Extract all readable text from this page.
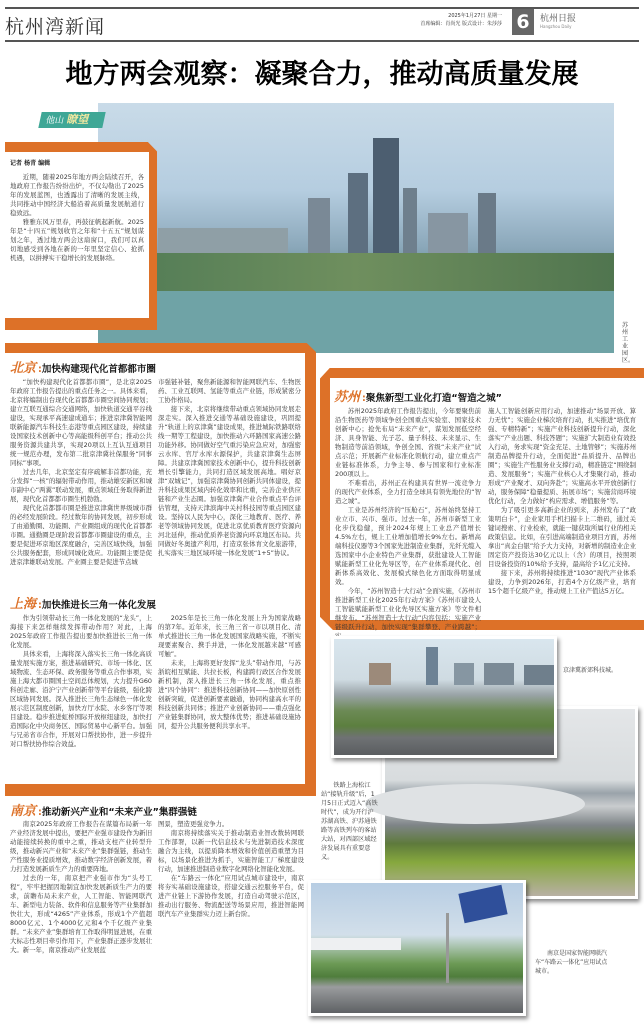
杭州湾新闻	2025年1月27日 星期一
首席编辑：肖尚光 版式设计：朱莎莎 6	杭州日报
Hangzhou Daily
地方两会观察：凝聚合力，推动高质量发展
苏州工业园区。
他山瞭望
记者 杨青 编辑

近期，随着2025年地方两会陆续召开，各地政府工作报告纷纷出炉，不仅勾勒出了2025年的发展蓝图，也透露出了清晰的发展主线，共同推动中国经济大船沿着高质量发展航道行稳致远。

雅雅东风万里春，再鼓征帆起新航。2025年是“十四五”规划收官之年和“十五五”规划谋划之年，透过地方两会这扇窗口，我们可以真切地感受到各地在新的一年里坚定信心、抢抓机遇，以拼搏实干稳增长的发展脉络。

北京 :加快构建现代化首都都市圈

“加快构建现代化首都都市圈”，是北京2025年政府工作报告提出的重点任务之一。具体来看，北京将编制出台现代化首都都市圈空间协同规划；建立互联互通综合交通网络，加快轨道交通平谷线建设，实现承平高速建成通车；推进京津冀智能网联新能源汽车科技生态港等重点园区建设，持续建设国家技术创新中心等高能级科创平台；推动公共服务资源共建共享，实现20项以上互认互通项目统一规范办理，发布第二批京津冀社保服务“同事同标”事项。

过去几年，北京坚定有序疏解非首都功能，充分发挥“一核”的辐射带动作用，推动雄安新区和城市副中心“两翼”联动发展，重点领域任务取得新进展，现代化首都都市圈生机勃勃。

现代化首都都市圈是推进京津冀世界级城市群的必经发展阶段。经过数年的协同发展，初步形成了由通勤圈、功能圈、产业圈组成的现代化首都都市圈。通勤圈是现阶段首都都市圈建设的重点，主要是促进环京地区深度融合，完善区域快线，加强公共服务配套，形成同城化效应。功能圈主要是促进京津雄联动发展。产业圈主要是促进节点城

市强链补链，聚焦新能源和智能网联汽车、生物医药、工业互联网、氢能等重点产业链，形成紧密分工协作格局。

接下来，北京将继续带动重点领域协同发展走深走实。深入推进交通等基础设施建设，巩固提升“轨道上的京津冀”建设成果，推进城际铁路联络线一期等工程建设，加快推动六环路国家高速公路功能外移。协同做好空气重污染应急应对，加强密云水库、官厅水库水源保护，共建京津冀生态屏障。共建京津冀国家技术创新中心，提升科技创新增长引擎能力，共同打造区域发展高地。唱好京津“双城记”，加强京津冀协同创新共同体建设，提升科技成果区域内转化效率和比重，完善企业供应链和产业生态圈。加强京津冀产业合作重点平台评估管理，支持天津滨海中关村科技园等重点园区建设。坚持以人民为中心，深化三地教育、医疗、养老等领域协同发展，促进北京优质教育医疗资源向河北延伸，推动优质养老资源向环京地区布局。共同做好冬奥遗产利用，打造京张体育文化旅游带，扎实落实三地区域环境一体化发展“1+5”协议。

上海 :加快推进长三角一体化发展

作为引领带动长三角一体化发展的“龙头”，上海接下来怎样继续发挥带动作用？对此，上海2025年政府工作报告提出要加快推进长三角一体化发展。

具体来看，上海将深入落实长三角一体化高质量发展实施方案，推进基础研究、市场一体化、区域物流、生态环保、政务服务等重点合作事项，实施上海大都市圈国土空间总体规划，大力提升G60科创走廊、沿沪宁产业创新带等平台能级，强化跨区域协同发展。深入推进长三角生态绿色一体化发展示范区制度创新，加快方厅水院、水乡客厅等项目建设。稳步推进虹桥国际开放枢纽建设，加快打造国际化中央商务区、国际贸易中心新平台。加强与兄弟省市合作，开展对口帮扶协作，进一步提升对口帮扶协作综合效益。

2025年是长三角一体化发展上升为国家战略的第7年。近年来，长三角三省一市以项目化、清单式推进长三角一体化发展国家战略实施，不断实现要素聚合、携手并进，一体化发展越来越“可感可触”。

未来，上海将更好发挥“龙头”带动作用，与苏浙皖相互赋能、共拉长板，构建跨行政区合作发展新机制，深入推进长三角一体化发展，重点推进“四个协同”：推进科技创新协同——加快原创性创新突破，促进创新要素融通，协同构建高水平的科技创新共同体；推进产业创新协同——重点强化产业链集群协同，放大整体优势；推进基础设施协同，提升公共服务便利共享水平。

南京 :推动新兴产业和“未来产业”集群强链

南京2025年政府工作报告在谋篇布局新一年产业经济发展中提出，要把产业强市建设作为新旧动能接续转换的重中之重，推动支柱产业转型升级，推动新兴产业和“未来产业”集群强链，推动生产性服务业提质增效，推动数字经济创新发展，着力打造发展新质生产力的重要阵地。

过去的一年，南京把产业强市作为“头号工程”，牢牢把握因地制宜加快发展新质生产力的要求，前瞻布局未来产业，人工智能、智能网联汽车、新型电力装备、软件和信息服务等产业集群加快壮大，形成“4265”产业体系，形成1个产值超8000亿元、1个4000亿元和4个千亿级产业集群。“未来产业”集群培育工作取得明显进展，在重大标志性项目牵引作用下，产业集群正逐步发展壮大。新一年，南京推动产业发展蓝

图景，塑造更强竞争力。

南京将持续落实关于推动制造业智改数转网联工作部署，以新一代信息技术与先进制造技术深度融合为主线，以提质降本增效和价值创造重塑为目标，以场景化推进为抓手，实施智能工厂梯度建设行动，加速推进制造业数字化网络化智能化发展。

在“车路云一体化”应用试点城市建设中，南京将夯实基础设施建设，搭建交通云控服务平台，促进产业链上下游协作发展，打造自动驾驶示范区，推动出行服务、物流配送等场景应用，推进智能网联汽车产业集群实力迈上新台阶。

苏州 :聚焦新型工业化打造“智造之城”

苏州2025年政府工作报告提出，今年要聚焦前沿生物医药等领域争创全国重点实验室、国家技术创新中心；抢先布局“未来产业”，谋划发展低空经济、具身智能、光子芯、量子科技、未来显示、生物制造等前沿领域，争创全国、省级“未来产业”试点示范；开展新产业标准化领航行动，建立重点产业链标准体系，力争主导、参与国家和行业标准200项以上。

不难看出，苏州正在构建具有世界一流竞争力的现代产业体系，全力打造全球具有领先地位的“智造之城”。

工业是苏州经济的“压舱石”，苏州始终坚持工业立市、兴市、强市。过去一年，苏州市新型工业化步伐稳健，预计2024年规上工业总产值增长4.5%左右，规上工业增加值增长9%左右。新增高端科技仪器等3个国家先进制造业集群，光纤光缆入选国家中小企业特色产业集群，获批建设人工智能赋能新型工业化先导区等，在产业体系现代化、创新体系高效化、发展模式绿色化方面取得明显成效。

今年，“苏州智造十大行动”全面实施，《苏州市推进新型工业化2025年行动方案》《苏州市建设人工智能赋能新型工业化先导区实施方案》等文件相继发布。“苏州智造十大行动”内容包括：实施产业链级跃升行动，加快实现“集群攀登、产业跨越”；

施人工智能创新应用行动，加速推动“场景开放、算力无忧”；实施企业梯次培育行动，扎实推进“培优育强、专精特新”；实施产业科技创新提升行动，深化落实“产业出题、科技答题”；实施扩大制造业有效投入行动，务求实现“资金充足、土地管够”；实施苏州制造品牌提升行动，全面促进“品质提升、品牌出圈”；实施生产性服务业支撑行动，精准链定“围绕制造、发展服务”；实施产业核心人才集聚行动，推动形成“产业聚才、双向奔赴”；实施高水平开放创新行动，服务保障“稳量提质、拓展市场”；实施营商环境优化行动，全力做好“构应需求、增值服务”等。

为了吸引更多高新企业的到来，苏州发布了“政策明白卡”，企业家用手机扫描卡上二维码，通过关键词搜索、行业检索，就能一键获取所属行业的相关政策信息。比如，在引进高端制造业项目方面，苏州拿出“真金白银”给予大力支持，对新增的制造业企业固定资产投资达30亿元以上（含）的项目，按照项目设备投资的10%给予支持，最高给予1亿元支持。

接下来，苏州将持续推进“1030”现代产业体系建设，力争到2026年，打造4个万亿级产业，培育15个超千亿级产业，推动规上工业产值达5万亿。

铁路上海松江站“接轨升级”后，1月5日正式迈入“高铁时代”，成为开行沪苏湖高铁、沪苏通铁路等高铁列车的客站大站，对西部区域经济发展具有重要意义。
京津冀新郊科技城。
南京是国家智能网联汽车“车路云一体化”应用试点城市。
